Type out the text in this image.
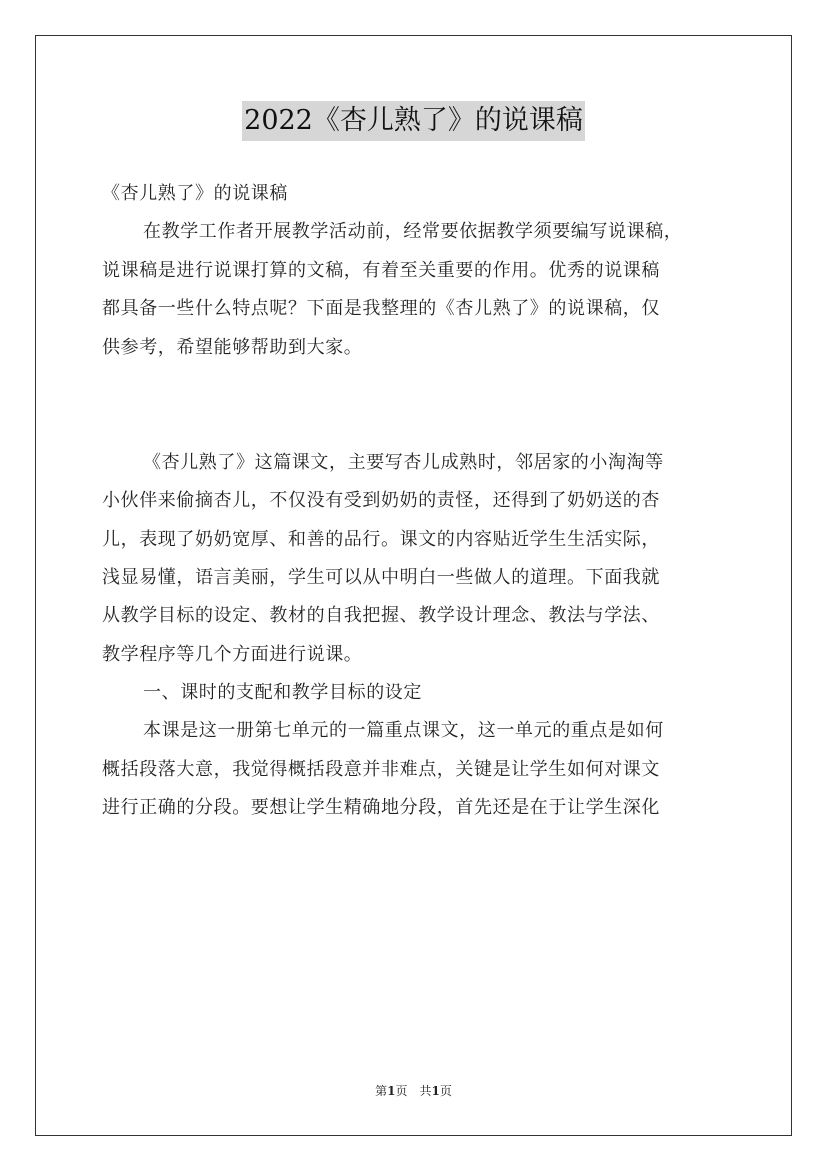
2022《杏儿熟了》的说课稿
《杏儿熟了》的说课稿
在教学工作者开展教学活动前，经常要依据教学须要编写说课稿，
说课稿是进行说课打算的文稿，有着至关重要的作用。优秀的说课稿
都具备一些什么特点呢？下面是我整理的《杏儿熟了》的说课稿，仅
供参考，希望能够帮助到大家。
《杏儿熟了》这篇课文，主要写杏儿成熟时，邻居家的小淘淘等
小伙伴来偷摘杏儿，不仅没有受到奶奶的责怪，还得到了奶奶送的杏
儿，表现了奶奶宽厚、和善的品行。课文的内容贴近学生生活实际，
浅显易懂，语言美丽，学生可以从中明白一些做人的道理。下面我就
从教学目标的设定、教材的自我把握、教学设计理念、教法与学法、
教学程序等几个方面进行说课。
一、课时的支配和教学目标的设定
本课是这一册第七单元的一篇重点课文，这一单元的重点是如何
概括段落大意，我觉得概括段意并非难点，关键是让学生如何对课文
进行正确的分段。要想让学生精确地分段，首先还是在于让学生深化
第1页　共1页
